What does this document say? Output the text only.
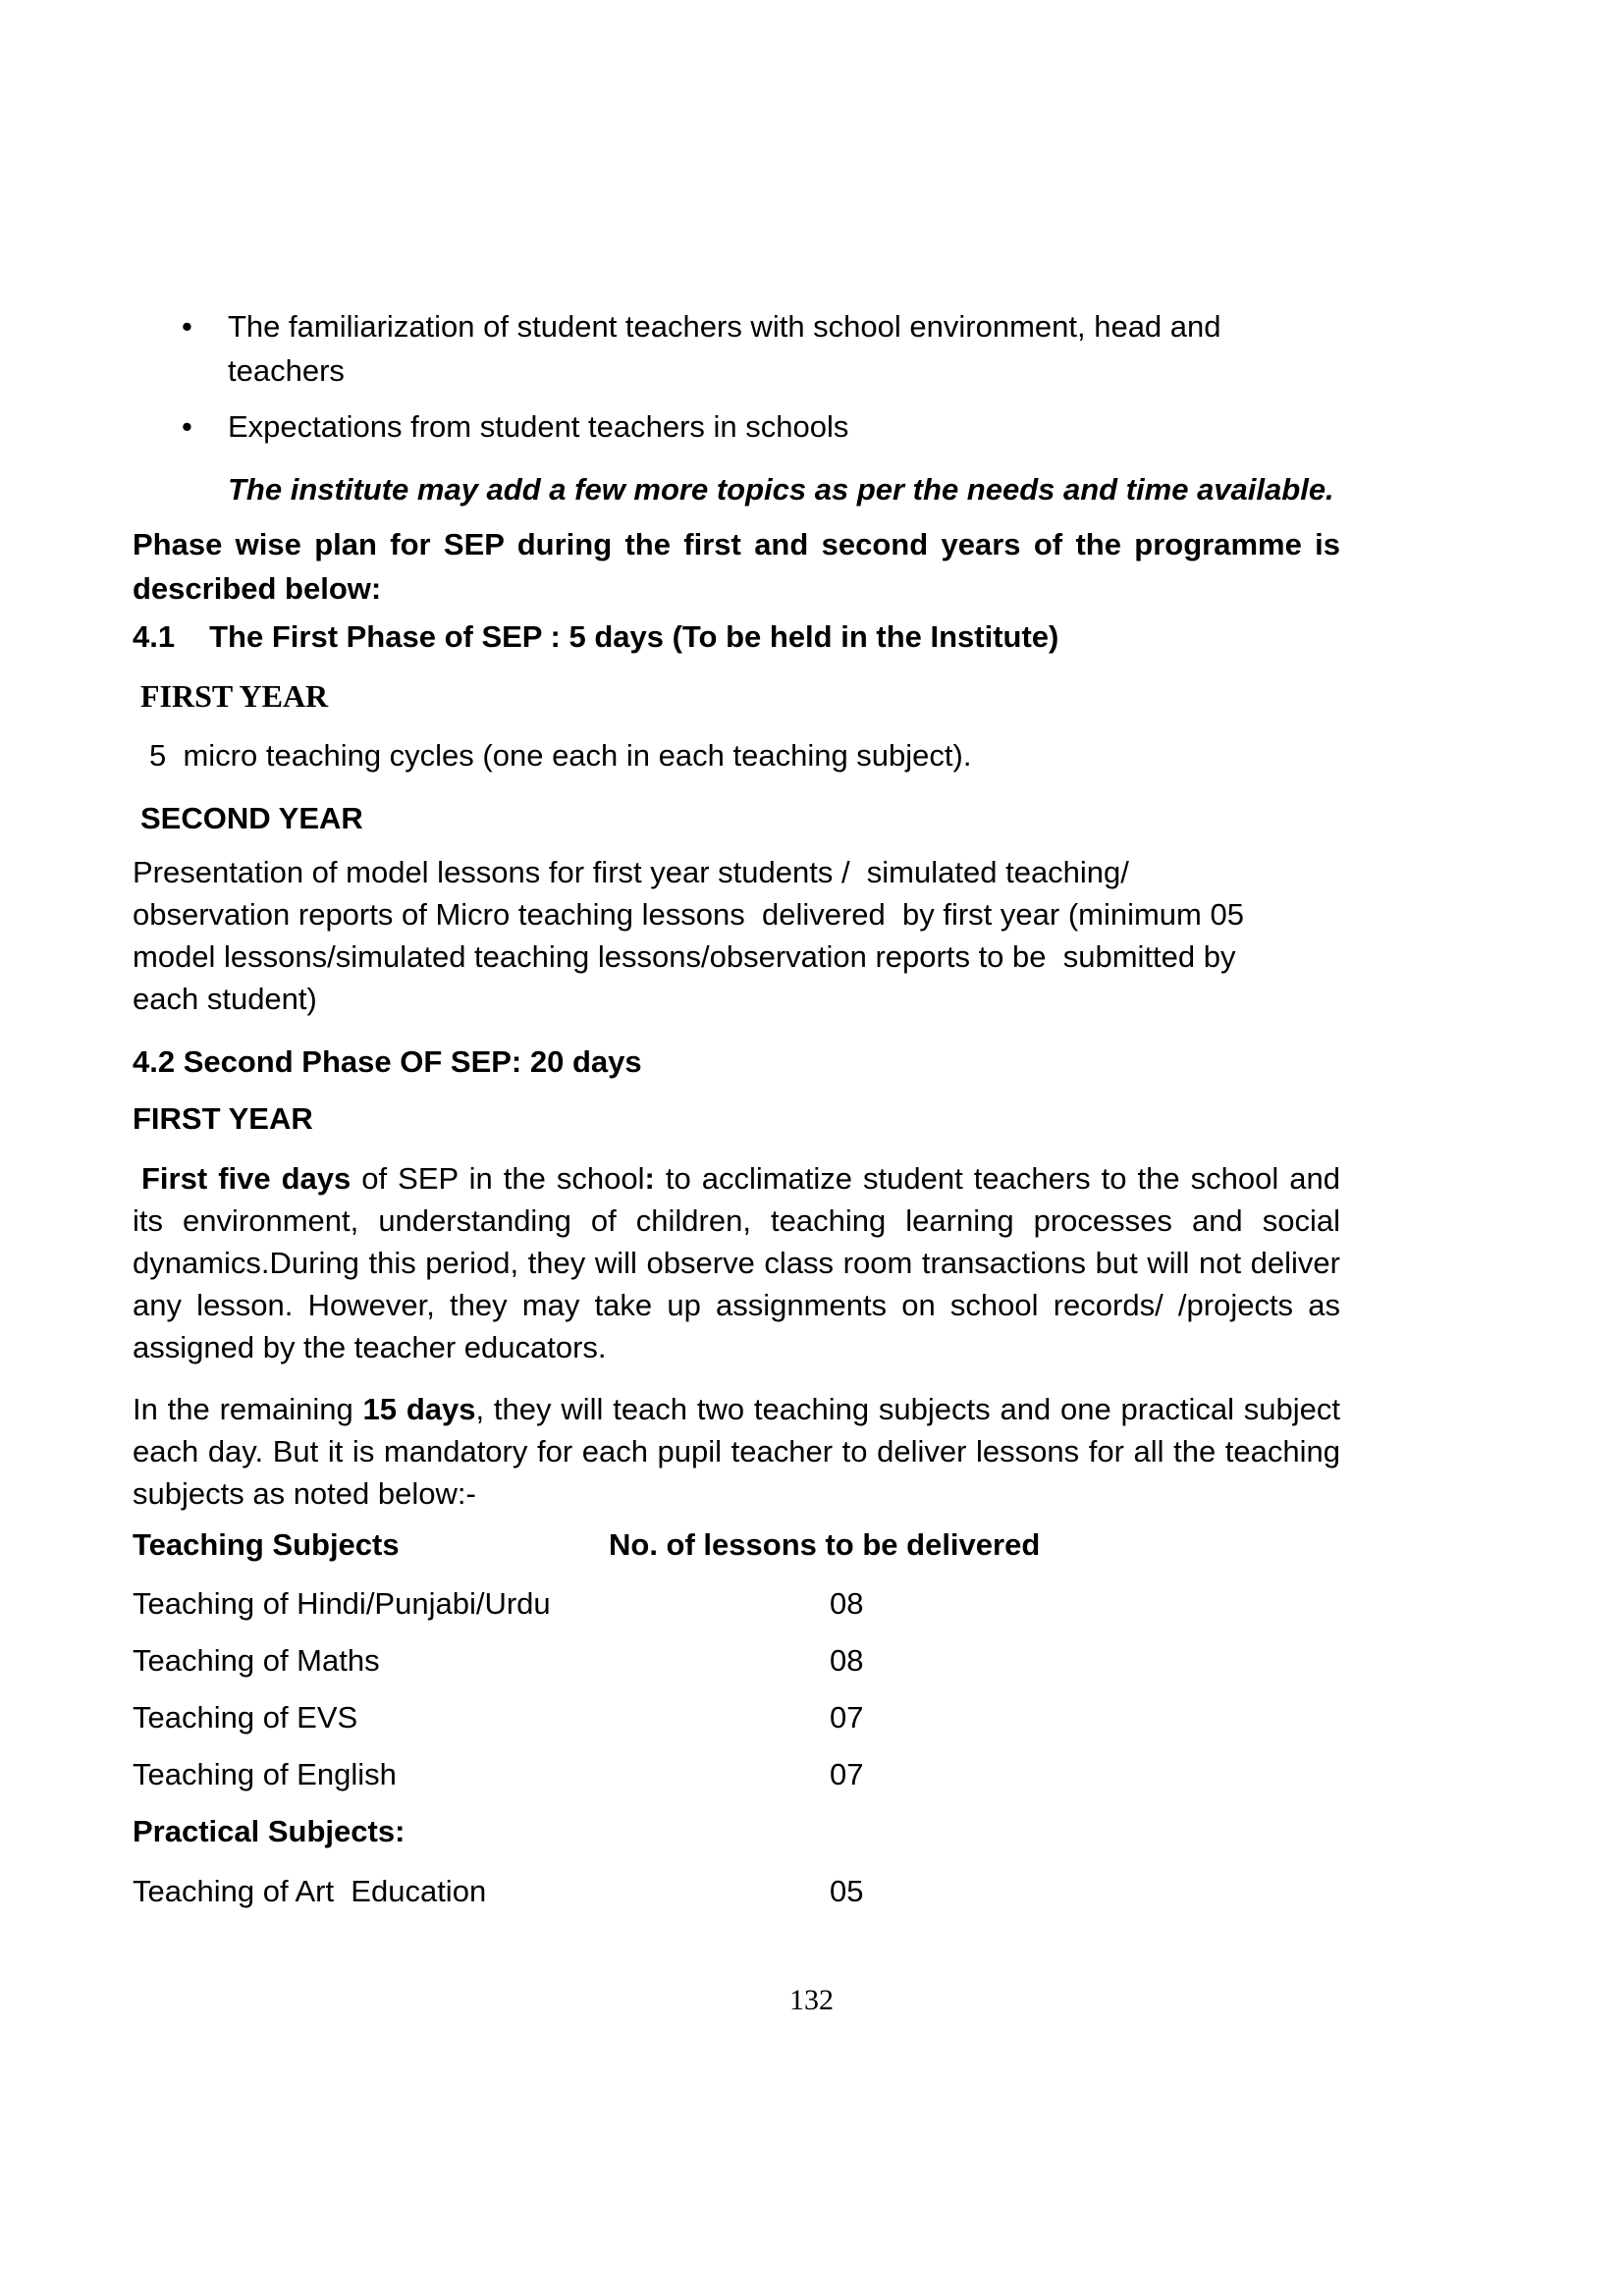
• The familiarization of student teachers with school environment, head and teachers
• Expectations from student teachers in schools
The institute may add a few more topics as per the needs and time available.
Phase wise plan for SEP during the first and second years of the programme is described below:
4.1 The First Phase of SEP : 5 days (To be held in the Institute)
FIRST YEAR
5  micro teaching cycles (one each in each teaching subject).
SECOND YEAR
Presentation of model lessons for first year students /  simulated teaching/
observation reports of Micro teaching lessons  delivered  by first year (minimum 05
model lessons/simulated teaching lessons/observation reports to be  submitted by
each student)
4.2 Second Phase OF SEP: 20 days
FIRST YEAR
First five days of SEP in the school: to acclimatize student teachers to the school and its environment, understanding of children, teaching learning processes and social dynamics.During this period, they will observe class room transactions but will not deliver any lesson. However, they may take up assignments on school records/ /projects as assigned by the teacher educators.
In the remaining 15 days, they will teach two teaching subjects and one practical subject each day. But it is mandatory for each pupil teacher to deliver lessons for all the teaching subjects as noted below:-
Teaching Subjects	No. of lessons to be delivered
Teaching of Hindi/Punjabi/Urdu	08
Teaching of Maths	08
Teaching of EVS	07
Teaching of English	07
Practical Subjects:
Teaching of Art  Education	05
132
